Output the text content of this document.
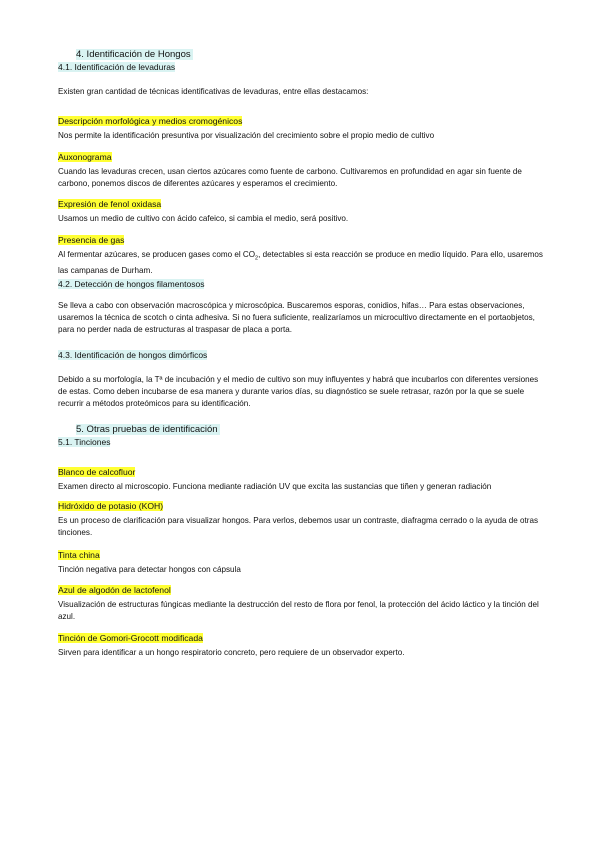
4. Identificación de Hongos
4.1. Identificación de levaduras
Existen gran cantidad de técnicas identificativas de levaduras, entre ellas destacamos:
Descripción morfológica y medios cromogénicos
Nos permite la identificación presuntiva por visualización del crecimiento sobre el propio medio de cultivo
Auxonograma
Cuando las levaduras crecen, usan ciertos azúcares como fuente de carbono. Cultivaremos en profundidad en agar sin fuente de carbono, ponemos discos de diferentes azúcares y esperamos el crecimiento.
Expresión de fenol oxidasa
Usamos un medio de cultivo con ácido cafeico, si cambia el medio, será positivo.
Presencia de gas
Al fermentar azúcares, se producen gases como el $CO_2$, detectables si esta reacción se produce en medio líquido. Para ello, usaremos las campanas de Durham.
4.2. Detección de hongos filamentosos
Se lleva a cabo con observación macroscópica y microscópica. Buscaremos esporas, conidios, hifas… Para estas observaciones, usaremos la técnica de scotch o cinta adhesiva. Si no fuera suficiente, realizaríamos un microcultivo directamente en el portaobjetos, para no perder nada de estructuras al traspasar de placa a porta.
4.3. Identificación de hongos dimórficos
Debido a su morfología, la Tª de incubación y el medio de cultivo son muy influyentes y habrá que incubarlos con diferentes versiones de estas. Como deben incubarse de esa manera y durante varios días, su diagnóstico se suele retrasar, razón por la que se suele recurrir a métodos proteómicos para su identificación.
5. Otras pruebas de identificación
5.1. Tinciones
Blanco de calcofluor
Examen directo al microscopio. Funciona mediante radiación UV que excita las sustancias que tiñen y generan radiación
Hidróxido de potasio (KOH)
Es un proceso de clarificación para visualizar hongos. Para verlos, debemos usar un contraste, diafragma cerrado o la ayuda de otras tinciones.
Tinta china
Tinción negativa para detectar hongos con cápsula
Azul de algodón de lactofenol
Visualización de estructuras fúngicas mediante la destrucción del resto de flora por fenol, la protección del ácido láctico y la tinción del azul.
Tinción de Gomori-Grocott modificada
Sirven para identificar a un hongo respiratorio concreto, pero requiere de un observador experto.
